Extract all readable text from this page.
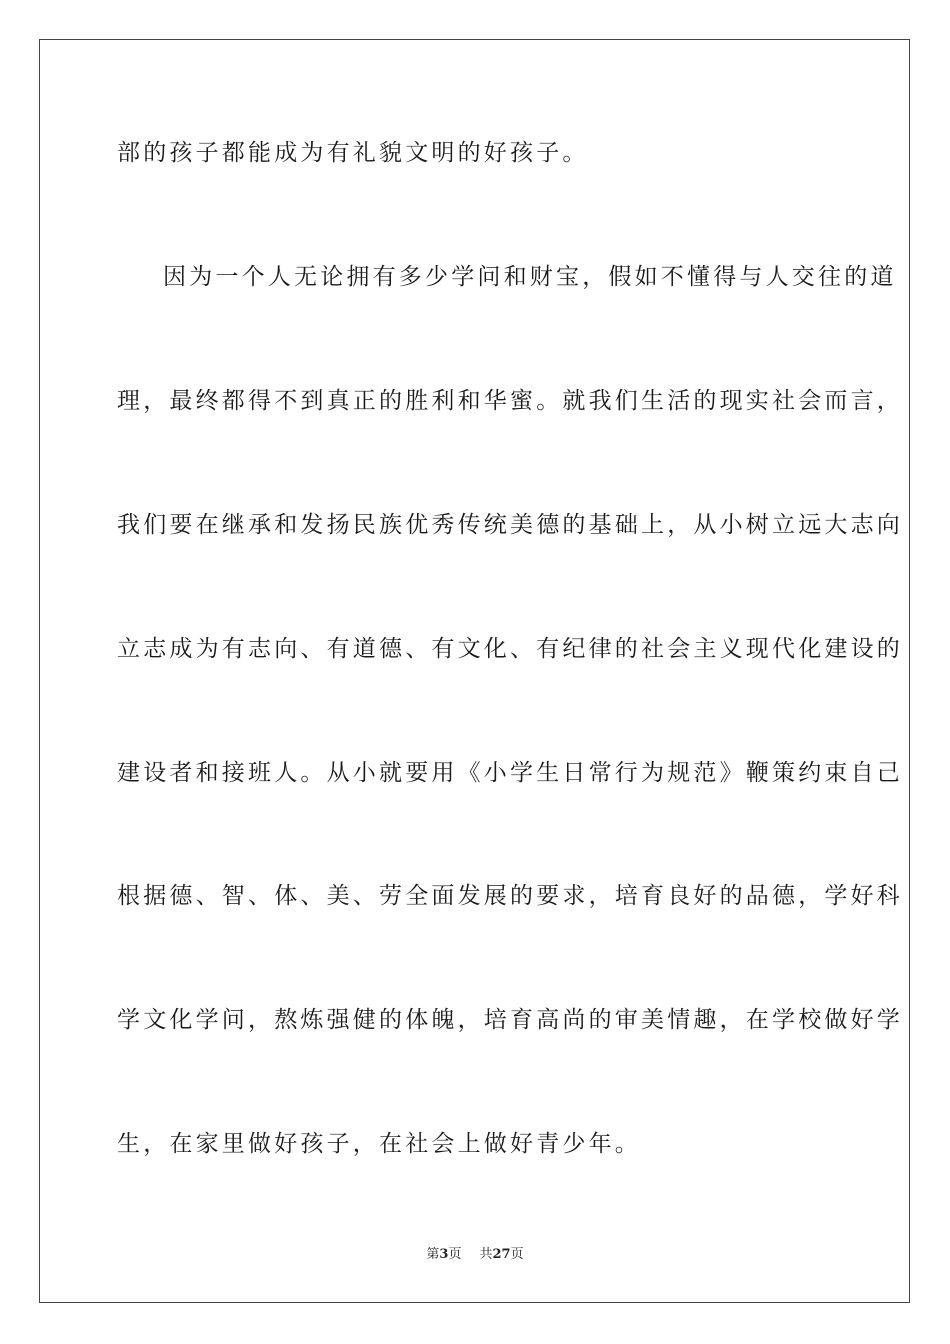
部的孩子都能成为有礼貌文明的好孩子。
因为一个人无论拥有多少学问和财宝，假如不懂得与人交往的道
理，最终都得不到真正的胜利和华蜜。就我们生活的现实社会而言，
我们要在继承和发扬民族优秀传统美德的基础上，从小树立远大志向
立志成为有志向、有道德、有文化、有纪律的社会主义现代化建设的
建设者和接班人。从小就要用《小学生日常行为规范》鞭策约束自己
根据德、智、体、美、劳全面发展的要求，培育良好的品德，学好科
学文化学问，熬炼强健的体魄，培育高尚的审美情趣，在学校做好学
生，在家里做好孩子，在社会上做好青少年。
第3页 共27页
